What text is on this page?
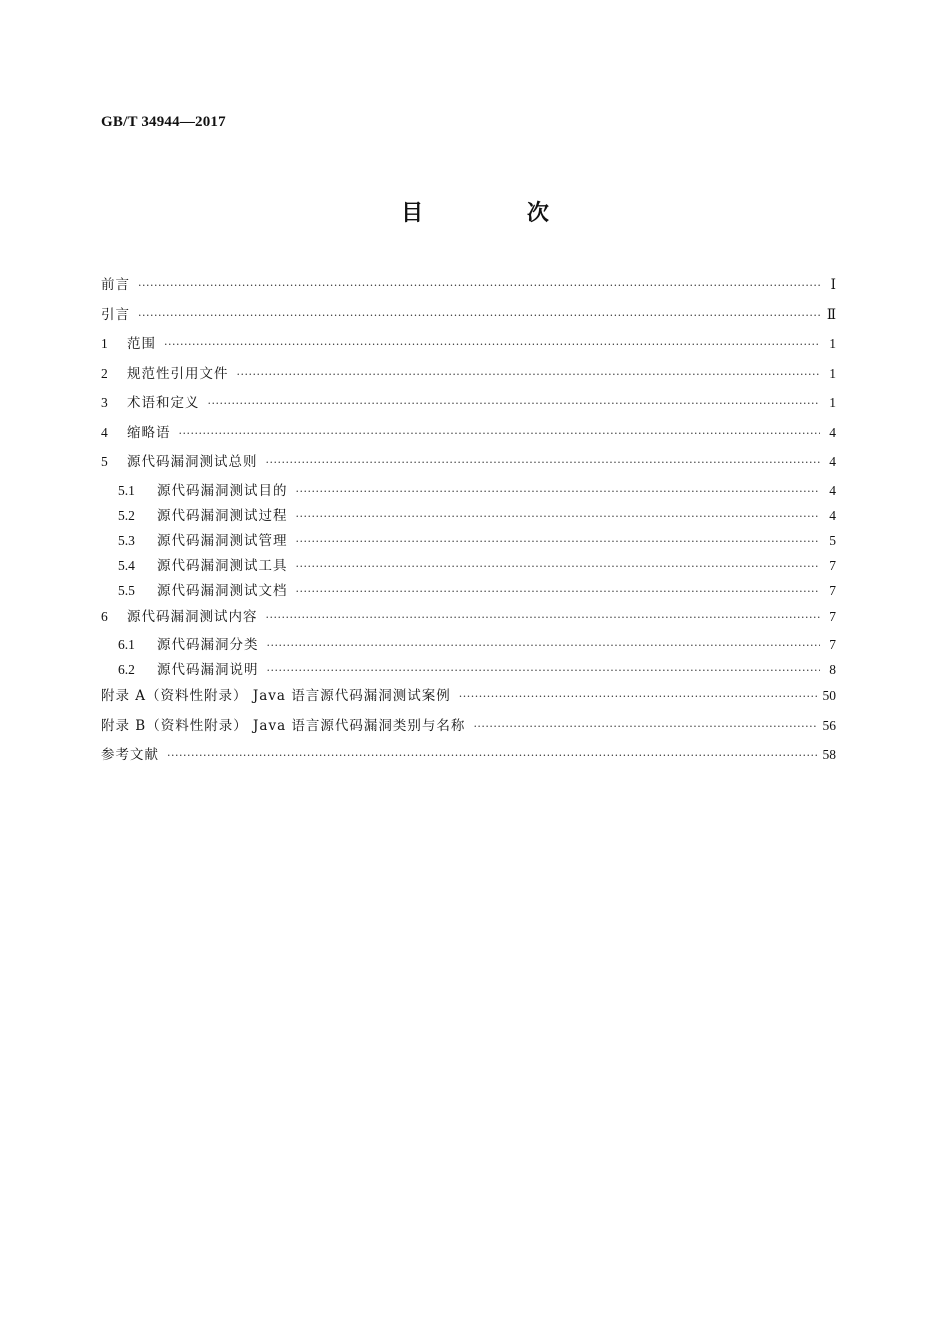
GB/T 34944—2017
目 次
前言 ·····	Ⅰ
引言 ·····	Ⅱ
1	范围 ·····	1
2	规范性引用文件 ·····	1
3	术语和定义 ·····	1
4	缩略语 ·····	4
5	源代码漏洞测试总则 ·····	4
5.1	源代码漏洞测试目的 ·····	4
5.2	源代码漏洞测试过程 ·····	4
5.3	源代码漏洞测试管理 ·····	5
5.4	源代码漏洞测试工具 ·····	7
5.5	源代码漏洞测试文档 ·····	7
6	源代码漏洞测试内容 ·····	7
6.1	源代码漏洞分类 ·····	7
6.2	源代码漏洞说明 ·····	8
附录 A（资料性附录） Java 语言源代码漏洞测试案例 ·····	50
附录 B（资料性附录） Java 语言源代码漏洞类别与名称 ·····	56
参考文献 ·····	58
